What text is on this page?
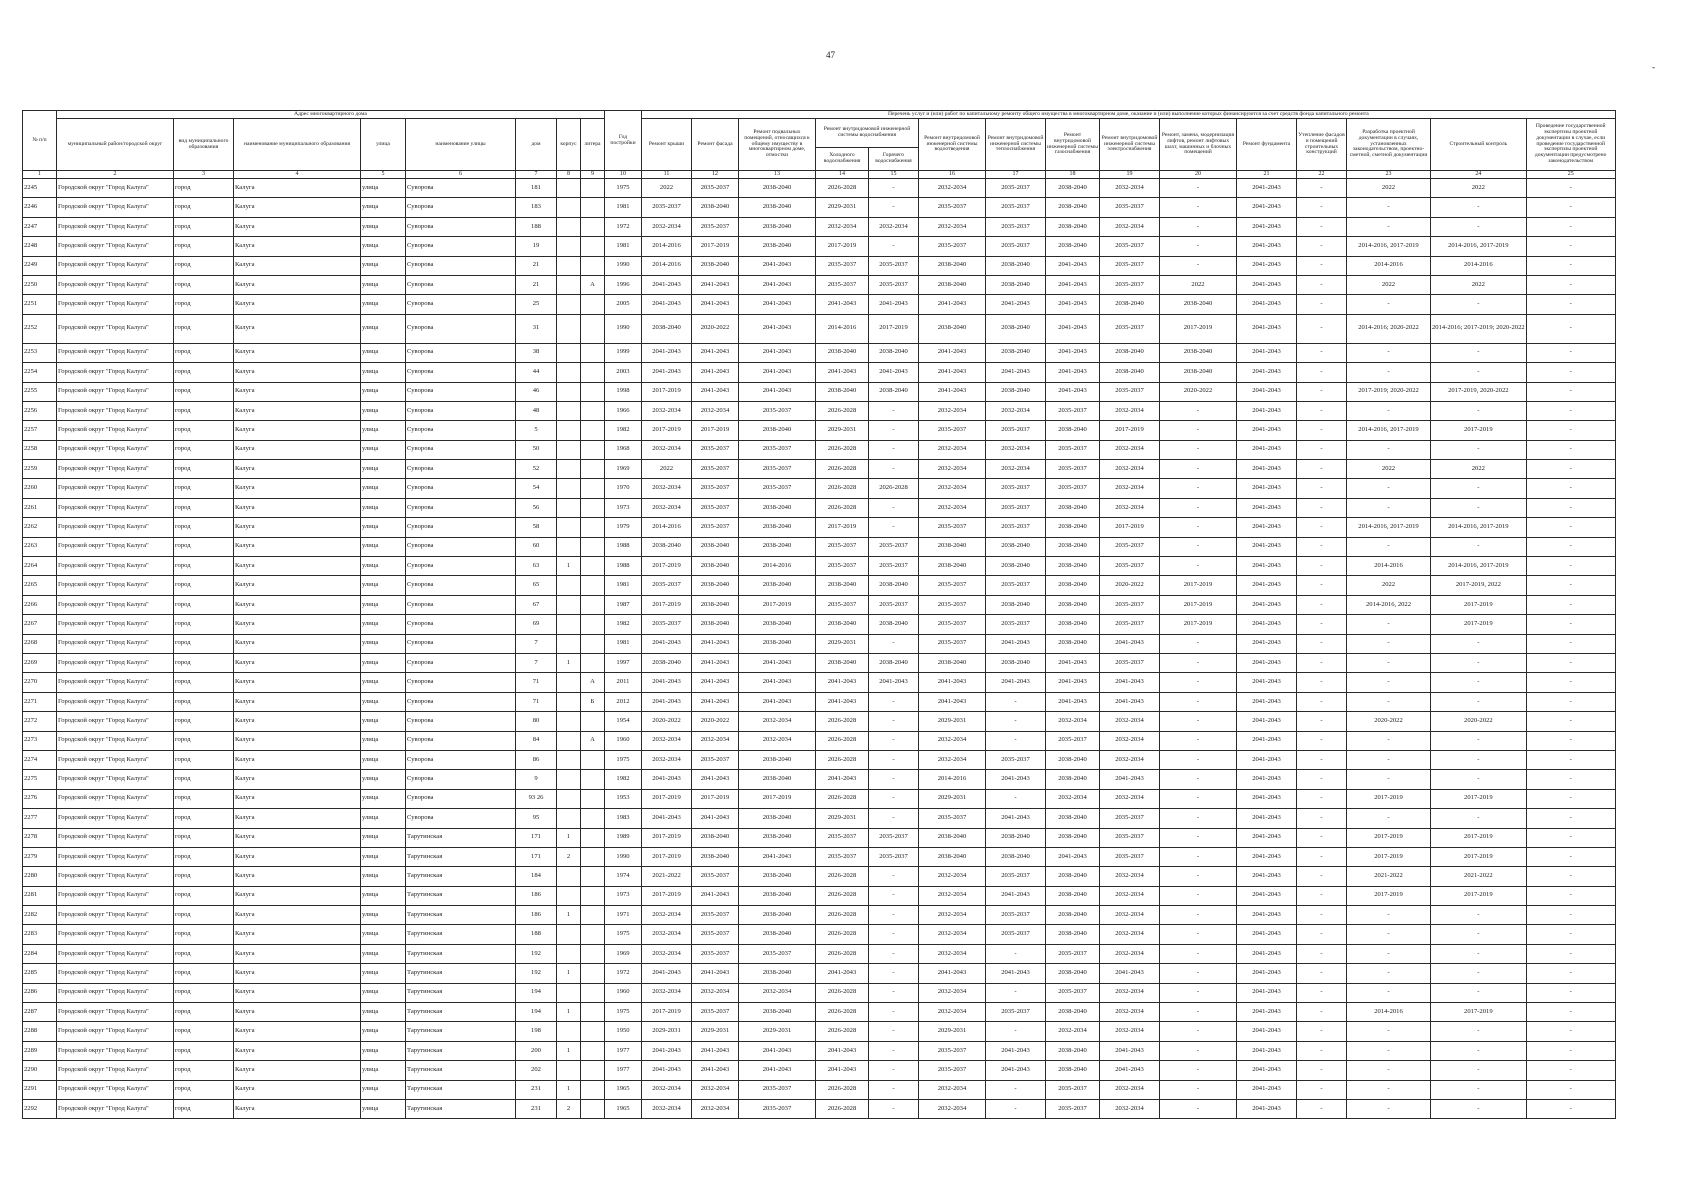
47
-
№ п/п	Адрес многоквартирного дома								Год постройки	Перечень услуг и (или) работ по капитальному ремонту общего имущества в многоквартирном доме, оказание и (или) выполнение которых финансируются за счет средств фонда капитального ремонта														
	муниципальный район/городской округ	вид муниципального образования	наименование муниципального образования	улица	наименование улицы	дом	корпус	литера		Ремонт крыши	Ремонт фасада	Ремонт подвальных помещений, относящихся к общему имуществу в многоквартирном доме, отмостки	Ремонт внутридомовой инженерной системы водоснабжения		Ремонт внутридомовой инженерной системы водоотведения	Ремонт внутридомовой инженерной системы теплоснабжения	Ремонт внутридомовой инженерной системы газоснабжения	Ремонт внутридомовой инженерной системы электроснабжения	Ремонт, замена, модернизация лифтов, ремонт лифтовых шахт, машинных и блочных помещений	Ремонт фундамента	Утепление фасадов и помещений строительных конструкций	Разработка проектной документации в случаях, установленных законодательством, проектно-сметной, сметной документации	Строительный контроль	Проведение государственной экспертизы проектной документации в случае, если проведение государственной экспертизы проектной документации предусмотрено законодательством
													Холодного водоснабжения	Горячего водоснабжения										
1	2	3	4	5	6	7	8	9	10	11	12	13	14	15	16	17	18	19	20	21	22	23	24	25
2245	Городской округ "Город Калуга"	город	Калуга	улица	Суворова	181			1975	2022	2035-2037	2038-2040	2026-2028	-	2032-2034	2035-2037	2038-2040	2032-2034	-	2041-2043	-	2022	2022	-
2246	Городской округ "Город Калуга"	город	Калуга	улица	Суворова	183			1981	2035-2037	2038-2040	2038-2040	2029-2031	-	2035-2037	2035-2037	2038-2040	2035-2037	-	2041-2043	-	-	-	-
2247	Городской округ "Город Калуга"	город	Калуга	улица	Суворова	188			1972	2032-2034	2035-2037	2038-2040	2032-2034	2032-2034	2032-2034	2035-2037	2038-2040	2032-2034	-	2041-2043	-	-	-	-
2248	Городской округ "Город Калуга"	город	Калуга	улица	Суворова	19			1981	2014-2016	2017-2019	2038-2040	2017-2019	-	2035-2037	2035-2037	2038-2040	2035-2037	-	2041-2043	-	2014-2016, 2017-2019	2014-2016, 2017-2019	-
2249	Городской округ "Город Калуга"	город	Калуга	улица	Суворова	21			1990	2014-2016	2038-2040	2041-2043	2035-2037	2035-2037	2038-2040	2038-2040	2041-2043	2035-2037	-	2041-2043	-	2014-2016	2014-2016	-
2250	Городской округ "Город Калуга"	город	Калуга	улица	Суворова	21		А	1996	2041-2043	2041-2043	2041-2043	2035-2037	2035-2037	2038-2040	2038-2040	2041-2043	2035-2037	2022	2041-2043	-	2022	2022	-
2251	Городской округ "Город Калуга"	город	Калуга	улица	Суворова	25			2005	2041-2043	2041-2043	2041-2043	2041-2043	2041-2043	2041-2043	2041-2043	2041-2043	2038-2040	2038-2040	2041-2043	-	-	-	-
2252	Городской округ "Город Калуга"	город	Калуга	улица	Суворова	31			1990	2038-2040	2020-2022	2041-2043	2014-2016	2017-2019	2038-2040	2038-2040	2041-2043	2035-2037	2017-2019	2041-2043	-	2014-2016; 2020-2022	2014-2016; 2017-2019; 2020-2022	-
2253	Городской округ "Город Калуга"	город	Калуга	улица	Суворова	38			1999	2041-2043	2041-2043	2041-2043	2038-2040	2038-2040	2041-2043	2038-2040	2041-2043	2038-2040	2038-2040	2041-2043	-	-	-	-
2254	Городской округ "Город Калуга"	город	Калуга	улица	Суворова	44			2003	2041-2043	2041-2043	2041-2043	2041-2043	2041-2043	2041-2043	2041-2043	2041-2043	2038-2040	2038-2040	2041-2043	-	-	-	-
2255	Городской округ "Город Калуга"	город	Калуга	улица	Суворова	46			1998	2017-2019	2041-2043	2041-2043	2038-2040	2038-2040	2041-2043	2038-2040	2041-2043	2035-2037	2020-2022	2041-2043	-	2017-2019; 2020-2022	2017-2019, 2020-2022	-
2256	Городской округ "Город Калуга"	город	Калуга	улица	Суворова	48			1966	2032-2034	2032-2034	2035-2037	2026-2028	-	2032-2034	2032-2034	2035-2037	2032-2034	-	2041-2043	-	-	-	-
2257	Городской округ "Город Калуга"	город	Калуга	улица	Суворова	5			1982	2017-2019	2017-2019	2038-2040	2029-2031	-	2035-2037	2035-2037	2038-2040	2017-2019	-	2041-2043	-	2014-2016, 2017-2019	2017-2019	-
2258	Городской округ "Город Калуга"	город	Калуга	улица	Суворова	50			1968	2032-2034	2035-2037	2035-2037	2026-2028	-	2032-2034	2032-2034	2035-2037	2032-2034	-	2041-2043	-	-	-	-
2259	Городской округ "Город Калуга"	город	Калуга	улица	Суворова	52			1969	2022	2035-2037	2035-2037	2026-2028	-	2032-2034	2032-2034	2035-2037	2032-2034	-	2041-2043	-	2022	2022	-
2260	Городской округ "Город Калуга"	город	Калуга	улица	Суворова	54			1970	2032-2034	2035-2037	2035-2037	2026-2028	2026-2028	2032-2034	2035-2037	2035-2037	2032-2034	-	2041-2043	-	-	-	-
2261	Городской округ "Город Калуга"	город	Калуга	улица	Суворова	56			1973	2032-2034	2035-2037	2038-2040	2026-2028	-	2032-2034	2035-2037	2038-2040	2032-2034	-	2041-2043	-	-	-	-
2262	Городской округ "Город Калуга"	город	Калуга	улица	Суворова	58			1979	2014-2016	2035-2037	2038-2040	2017-2019	-	2035-2037	2035-2037	2038-2040	2017-2019	-	2041-2043	-	2014-2016, 2017-2019	2014-2016, 2017-2019	-
2263	Городской округ "Город Калуга"	город	Калуга	улица	Суворова	60			1988	2038-2040	2038-2040	2038-2040	2035-2037	2035-2037	2038-2040	2038-2040	2038-2040	2035-2037	-	2041-2043	-	-	-	-
2264	Городской округ "Город Калуга"	город	Калуга	улица	Суворова	63	1		1988	2017-2019	2038-2040	2014-2016	2035-2037	2035-2037	2038-2040	2038-2040	2038-2040	2035-2037	-	2041-2043	-	2014-2016	2014-2016, 2017-2019	-
2265	Городской округ "Город Калуга"	город	Калуга	улица	Суворова	65			1981	2035-2037	2038-2040	2038-2040	2038-2040	2038-2040	2035-2037	2035-2037	2038-2040	2020-2022	2017-2019	2041-2043	-	2022	2017-2019, 2022	-
2266	Городской округ "Город Калуга"	город	Калуга	улица	Суворова	67			1987	2017-2019	2038-2040	2017-2019	2035-2037	2035-2037	2035-2037	2038-2040	2038-2040	2035-2037	2017-2019	2041-2043	-	2014-2016, 2022	2017-2019	-
2267	Городской округ "Город Калуга"	город	Калуга	улица	Суворова	69			1982	2035-2037	2038-2040	2038-2040	2038-2040	2038-2040	2035-2037	2035-2037	2038-2040	2035-2037	2017-2019	2041-2043	-	-	2017-2019	-
2268	Городской округ "Город Калуга"	город	Калуга	улица	Суворова	7			1981	2041-2043	2041-2043	2038-2040	2029-2031	-	2035-2037	2041-2043	2038-2040	2041-2043	-	2041-2043	-	-	-	-
2269	Городской округ "Город Калуга"	город	Калуга	улица	Суворова	7	1		1997	2038-2040	2041-2043	2041-2043	2038-2040	2038-2040	2038-2040	2038-2040	2041-2043	2035-2037	-	2041-2043	-	-	-	-
2270	Городской округ "Город Калуга"	город	Калуга	улица	Суворова	71		А	2011	2041-2043	2041-2043	2041-2043	2041-2043	2041-2043	2041-2043	2041-2043	2041-2043	2041-2043	-	2041-2043	-	-	-	-
2271	Городской округ "Город Калуга"	город	Калуга	улица	Суворова	71		Б	2012	2041-2043	2041-2043	2041-2043	2041-2043	-	2041-2043	-	2041-2043	2041-2043	-	2041-2043	-	-	-	-
2272	Городской округ "Город Калуга"	город	Калуга	улица	Суворова	80			1954	2020-2022	2020-2022	2032-2034	2026-2028	-	2029-2031	-	2032-2034	2032-2034	-	2041-2043	-	2020-2022	2020-2022	-
2273	Городской округ "Город Калуга"	город	Калуга	улица	Суворова	84		А	1960	2032-2034	2032-2034	2032-2034	2026-2028	-	2032-2034	-	2035-2037	2032-2034	-	2041-2043	-	-	-	-
2274	Городской округ "Город Калуга"	город	Калуга	улица	Суворова	86			1975	2032-2034	2035-2037	2038-2040	2026-2028	-	2032-2034	2035-2037	2038-2040	2032-2034	-	2041-2043	-	-	-	-
2275	Городской округ "Город Калуга"	город	Калуга	улица	Суворова	9			1982	2041-2043	2041-2043	2038-2040	2041-2043	-	2014-2016	2041-2043	2038-2040	2041-2043	-	2041-2043	-	-	-	-
2276	Городской округ "Город Калуга"	город	Калуга	улица	Суворова	93 26			1953	2017-2019	2017-2019	2017-2019	2026-2028	-	2029-2031	-	2032-2034	2032-2034	-	2041-2043	-	2017-2019	2017-2019	-
2277	Городской округ "Город Калуга"	город	Калуга	улица	Суворова	95			1983	2041-2043	2041-2043	2038-2040	2029-2031	-	2035-2037	2041-2043	2038-2040	2035-2037	-	2041-2043	-	-	-	-
2278	Городской округ "Город Калуга"	город	Калуга	улица	Тарутинская	171	1		1989	2017-2019	2038-2040	2038-2040	2035-2037	2035-2037	2038-2040	2038-2040	2038-2040	2035-2037	-	2041-2043	-	2017-2019	2017-2019	-
2279	Городской округ "Город Калуга"	город	Калуга	улица	Тарутинская	171	2		1990	2017-2019	2038-2040	2041-2043	2035-2037	2035-2037	2038-2040	2038-2040	2041-2043	2035-2037	-	2041-2043	-	2017-2019	2017-2019	-
2280	Городской округ "Город Калуга"	город	Калуга	улица	Тарутинская	184			1974	2021-2022	2035-2037	2038-2040	2026-2028	-	2032-2034	2035-2037	2038-2040	2032-2034	-	2041-2043	-	2021-2022	2021-2022	-
2281	Городской округ "Город Калуга"	город	Калуга	улица	Тарутинская	186			1973	2017-2019	2041-2043	2038-2040	2026-2028	-	2032-2034	2041-2043	2038-2040	2032-2034	-	2041-2043	-	2017-2019	2017-2019	-
2282	Городской округ "Город Калуга"	город	Калуга	улица	Тарутинская	186	1		1971	2032-2034	2035-2037	2038-2040	2026-2028	-	2032-2034	2035-2037	2038-2040	2032-2034	-	2041-2043	-	-	-	-
2283	Городской округ "Город Калуга"	город	Калуга	улица	Тарутинская	188			1975	2032-2034	2035-2037	2038-2040	2026-2028	-	2032-2034	2035-2037	2038-2040	2032-2034	-	2041-2043	-	-	-	-
2284	Городской округ "Город Калуга"	город	Калуга	улица	Тарутинская	192			1969	2032-2034	2035-2037	2035-2037	2026-2028	-	2032-2034	-	2035-2037	2032-2034	-	2041-2043	-	-	-	-
2285	Городской округ "Город Калуга"	город	Калуга	улица	Тарутинская	192	1		1972	2041-2043	2041-2043	2038-2040	2041-2043	-	2041-2043	2041-2043	2038-2040	2041-2043	-	2041-2043	-	-	-	-
2286	Городской округ "Город Калуга"	город	Калуга	улица	Тарутинская	194			1960	2032-2034	2032-2034	2032-2034	2026-2028	-	2032-2034	-	2035-2037	2032-2034	-	2041-2043	-	-	-	-
2287	Городской округ "Город Калуга"	город	Калуга	улица	Тарутинская	194	1		1975	2017-2019	2035-2037	2038-2040	2026-2028	-	2032-2034	2035-2037	2038-2040	2032-2034	-	2041-2043	-	2014-2016	2017-2019	-
2288	Городской округ "Город Калуга"	город	Калуга	улица	Тарутинская	198			1950	2029-2031	2029-2031	2029-2031	2026-2028	-	2029-2031	-	2032-2034	2032-2034	-	2041-2043	-	-	-	-
2289	Городской округ "Город Калуга"	город	Калуга	улица	Тарутинская	200	1		1977	2041-2043	2041-2043	2041-2043	2041-2043	-	2035-2037	2041-2043	2038-2040	2041-2043	-	2041-2043	-	-	-	-
2290	Городской округ "Город Калуга"	город	Калуга	улица	Тарутинская	202			1977	2041-2043	2041-2043	2041-2043	2041-2043	-	2035-2037	2041-2043	2038-2040	2041-2043	-	2041-2043	-	-	-	-
2291	Городской округ "Город Калуга"	город	Калуга	улица	Тарутинская	231	1		1965	2032-2034	2032-2034	2035-2037	2026-2028	-	2032-2034	-	2035-2037	2032-2034	-	2041-2043	-	-	-	-
2292	Городской округ "Город Калуга"	город	Калуга	улица	Тарутинская	231	2		1965	2032-2034	2032-2034	2035-2037	2026-2028	-	2032-2034	-	2035-2037	2032-2034	-	2041-2043	-	-	-	-
